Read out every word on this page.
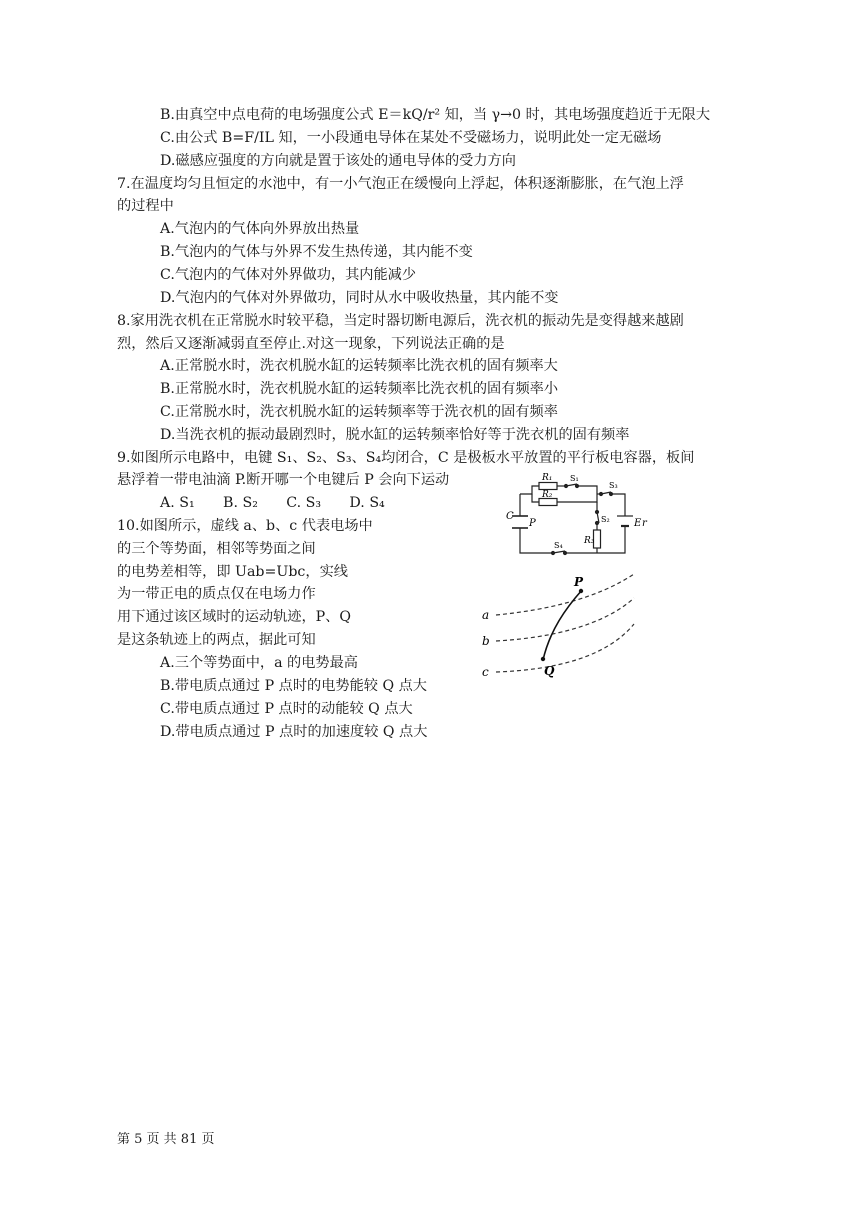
B.由真空中点电荷的电场强度公式 E＝kQ/r² 知，当 γ→0 时，其电场强度趋近于无限大
C.由公式 B=F/IL 知，一小段通电导体在某处不受磁场力，说明此处一定无磁场
D.磁感应强度的方向就是置于该处的通电导体的受力方向
7.在温度均匀且恒定的水池中，有一小气泡正在缓慢向上浮起，体积逐渐膨胀，在气泡上浮
的过程中
A.气泡内的气体向外界放出热量
B.气泡内的气体与外界不发生热传递，其内能不变
C.气泡内的气体对外界做功，其内能减少
D.气泡内的气体对外界做功，同时从水中吸收热量，其内能不变
8.家用洗衣机在正常脱水时较平稳，当定时器切断电源后，洗衣机的振动先是变得越来越剧
烈，然后又逐渐减弱直至停止.对这一现象，下列说法正确的是
A.正常脱水时，洗衣机脱水缸的运转频率比洗衣机的固有频率大
B.正常脱水时，洗衣机脱水缸的运转频率比洗衣机的固有频率小
C.正常脱水时，洗衣机脱水缸的运转频率等于洗衣机的固有频率
D.当洗衣机的振动最剧烈时，脱水缸的运转频率恰好等于洗衣机的固有频率
9.如图所示电路中，电键 S₁、S₂、S₃、S₄均闭合，C 是极板水平放置的平行板电容器，板间
悬浮着一带电油滴 P.断开哪一个电键后 P 会向下运动
A. S₁　　B. S₂　　C. S₃　　D. S₄
10.如图所示，虚线 a、b、c 代表电场中
的三个等势面，相邻等势面之间
的电势差相等，即 Uab=Ubc，实线
为一带正电的质点仅在电场力作
用下通过该区域时的运动轨迹，P、Q
是这条轨迹上的两点，据此可知
A.三个等势面中，a 的电势最高
B.带电质点通过 P 点时的电势能较 Q 点大
C.带电质点通过 P 点时的动能较 Q 点大
D.带电质点通过 P 点时的加速度较 Q 点大
R₁
R₂
R₃
S₁
S₂
S₃
S₄
C
P	E r
a
b
c
P
Q
第 5 页 共 81 页
